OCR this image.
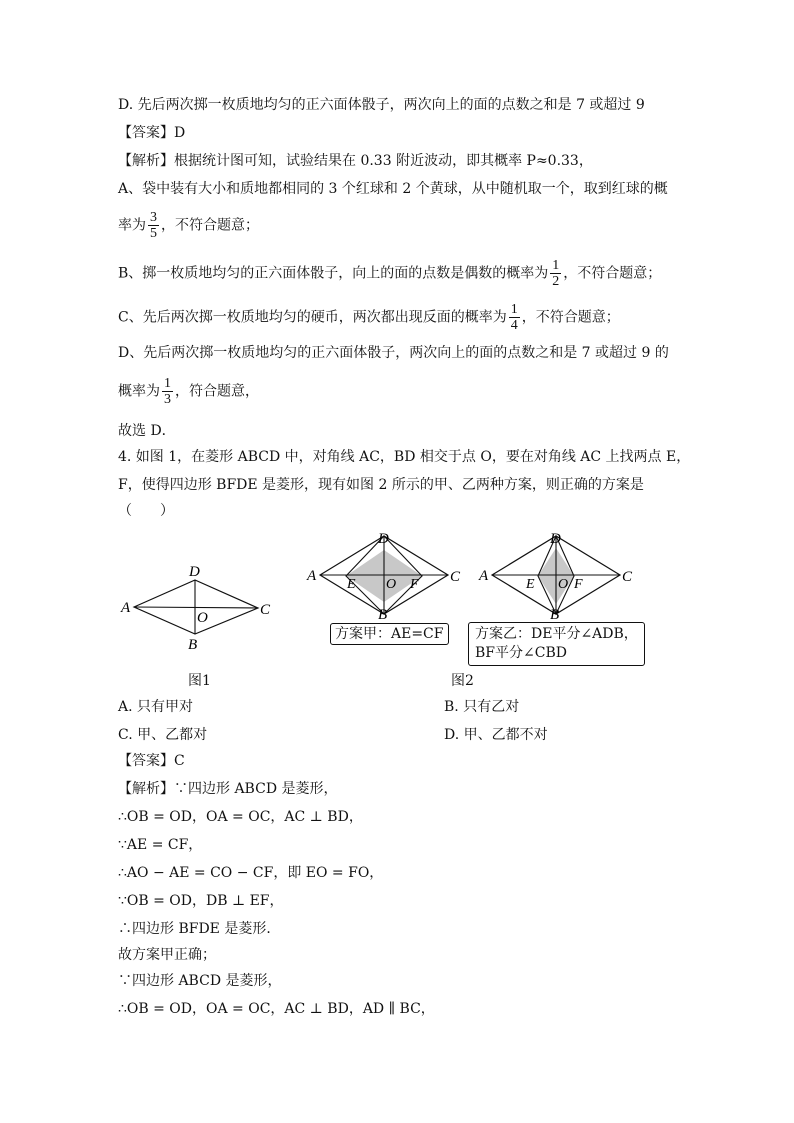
D. 先后两次掷一枚质地均匀的正六面体骰子，两次向上的面的点数之和是 7 或超过 9
【答案】D
【解析】根据统计图可知，试验结果在 0.33 附近波动，即其概率 P≈0.33，
A、袋中装有大小和质地都相同的 3 个红球和 2 个黄球，从中随机取一个，取到红球的概
率为 $\frac{3}{5}$ ，不符合题意；
B、掷一枚质地均匀的正六面体骰子，向上的面的点数是偶数的概率为 $\frac{1}{2}$ ，不符合题意；
C、先后两次掷一枚质地均匀的硬币，两次都出现反面的概率为 $\frac{1}{4}$ ，不符合题意；
D、先后两次掷一枚质地均匀的正六面体骰子，两次向上的面的点数之和是 7 或超过 9 的
概率为 $\frac{1}{3}$ ，符合题意，
故选 D．
4. 如图 1，在菱形 ABCD 中，对角线 AC，BD 相交于点 O，要在对角线 AC 上找两点 E，
F，使得四边形 BFDE 是菱形，现有如图 2 所示的甲、乙两种方案，则正确的方案是
（　　）
D
A	C
B
O
图1
D
A	C
B
E O F
方案甲：AE=CF
D
A	C
B
E O F
方案乙：DE平分∠ADB，
BF平分∠CBD
图2
A. 只有甲对	B. 只有乙对
C. 甲、乙都对	D. 甲、乙都不对
【答案】C
【解析】∵四边形 ABCD 是菱形，
∴OB = OD，OA = OC，AC ⊥ BD，
∵AE = CF，
∴AO − AE = CO − CF，即 EO = FO，
∵OB = OD，DB ⊥ EF，
∴四边形 BFDE 是菱形．
故方案甲正确；
∵四边形 ABCD 是菱形，
∴OB = OD，OA = OC，AC ⊥ BD，AD ∥ BC，
